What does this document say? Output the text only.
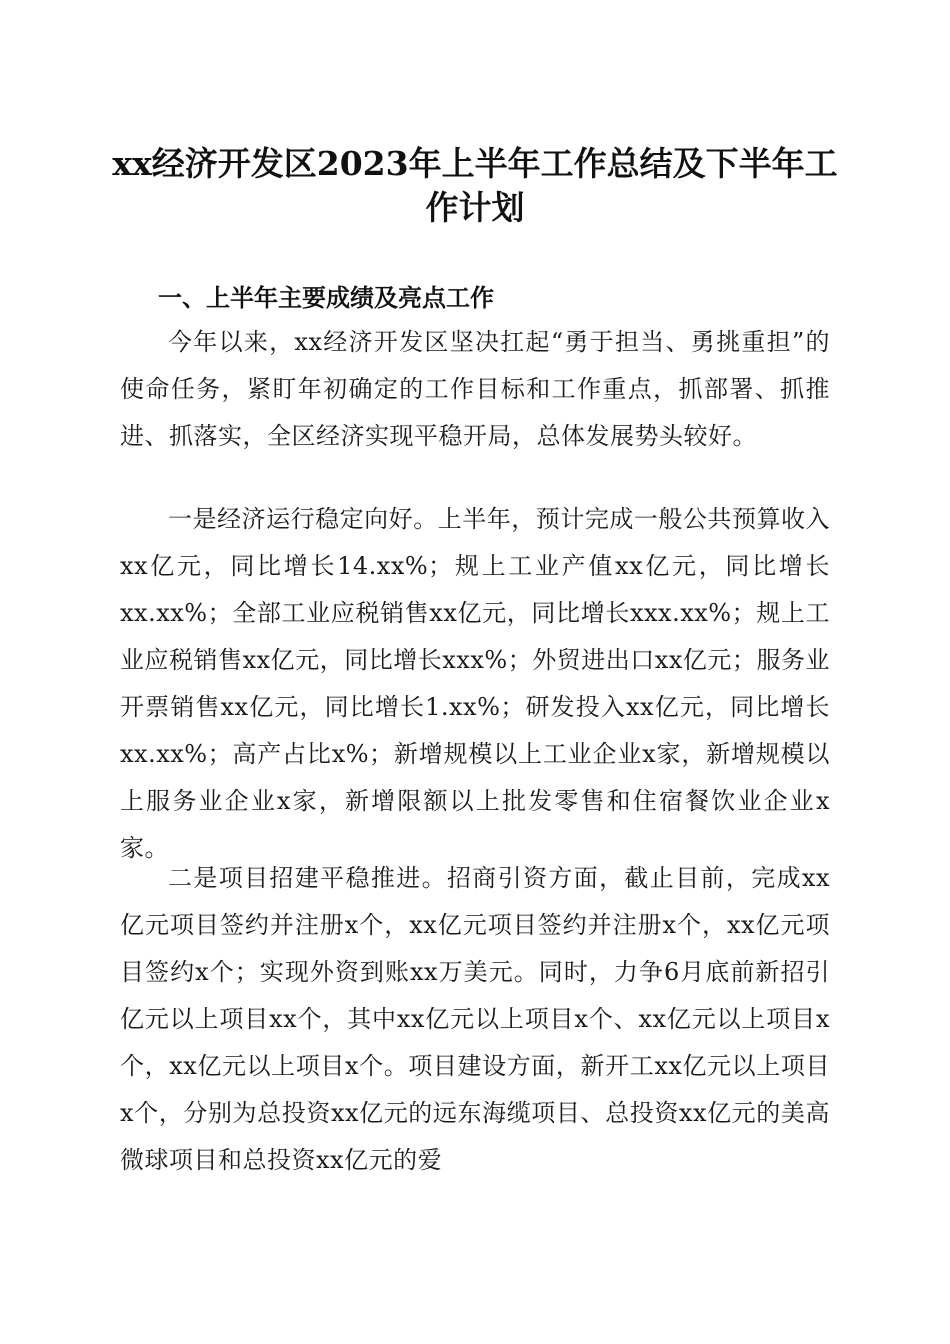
xx经济开发区2023年上半年工作总结及下半年工作计划
一、上半年主要成绩及亮点工作

今年以来，xx经济开发区坚决扛起“勇于担当、勇挑重担”的使命任务，紧盯年初确定的工作目标和工作重点，抓部署、抓推进、抓落实，全区经济实现平稳开局，总体发展势头较好。

一是经济运行稳定向好。上半年，预计完成一般公共预算收入xx亿元，同比增长14.xx%；规上工业产值xx亿元，同比增长xx.xx%；全部工业应税销售xx亿元，同比增长xxx.xx%；规上工业应税销售xx亿元，同比增长xxx%；外贸进出口xx亿元；服务业开票销售xx亿元，同比增长1.xx%；研发投入xx亿元，同比增长xx.xx%；高产占比x%；新增规模以上工业企业x家，新增规模以上服务业企业x家，新增限额以上批发零售和住宿餐饮业企业x家。

二是项目招建平稳推进。招商引资方面，截止目前，完成xx亿元项目签约并注册x个，xx亿元项目签约并注册x个，xx亿元项目签约x个；实现外资到账xx万美元。同时，力争6月底前新招引亿元以上项目xx个，其中xx亿元以上项目x个、xx亿元以上项目x个，xx亿元以上项目x个。项目建设方面，新开工xx亿元以上项目x个，分别为总投资xx亿元的远东海缆项目、总投资xx亿元的美高微球项目和总投资xx亿元的爱
